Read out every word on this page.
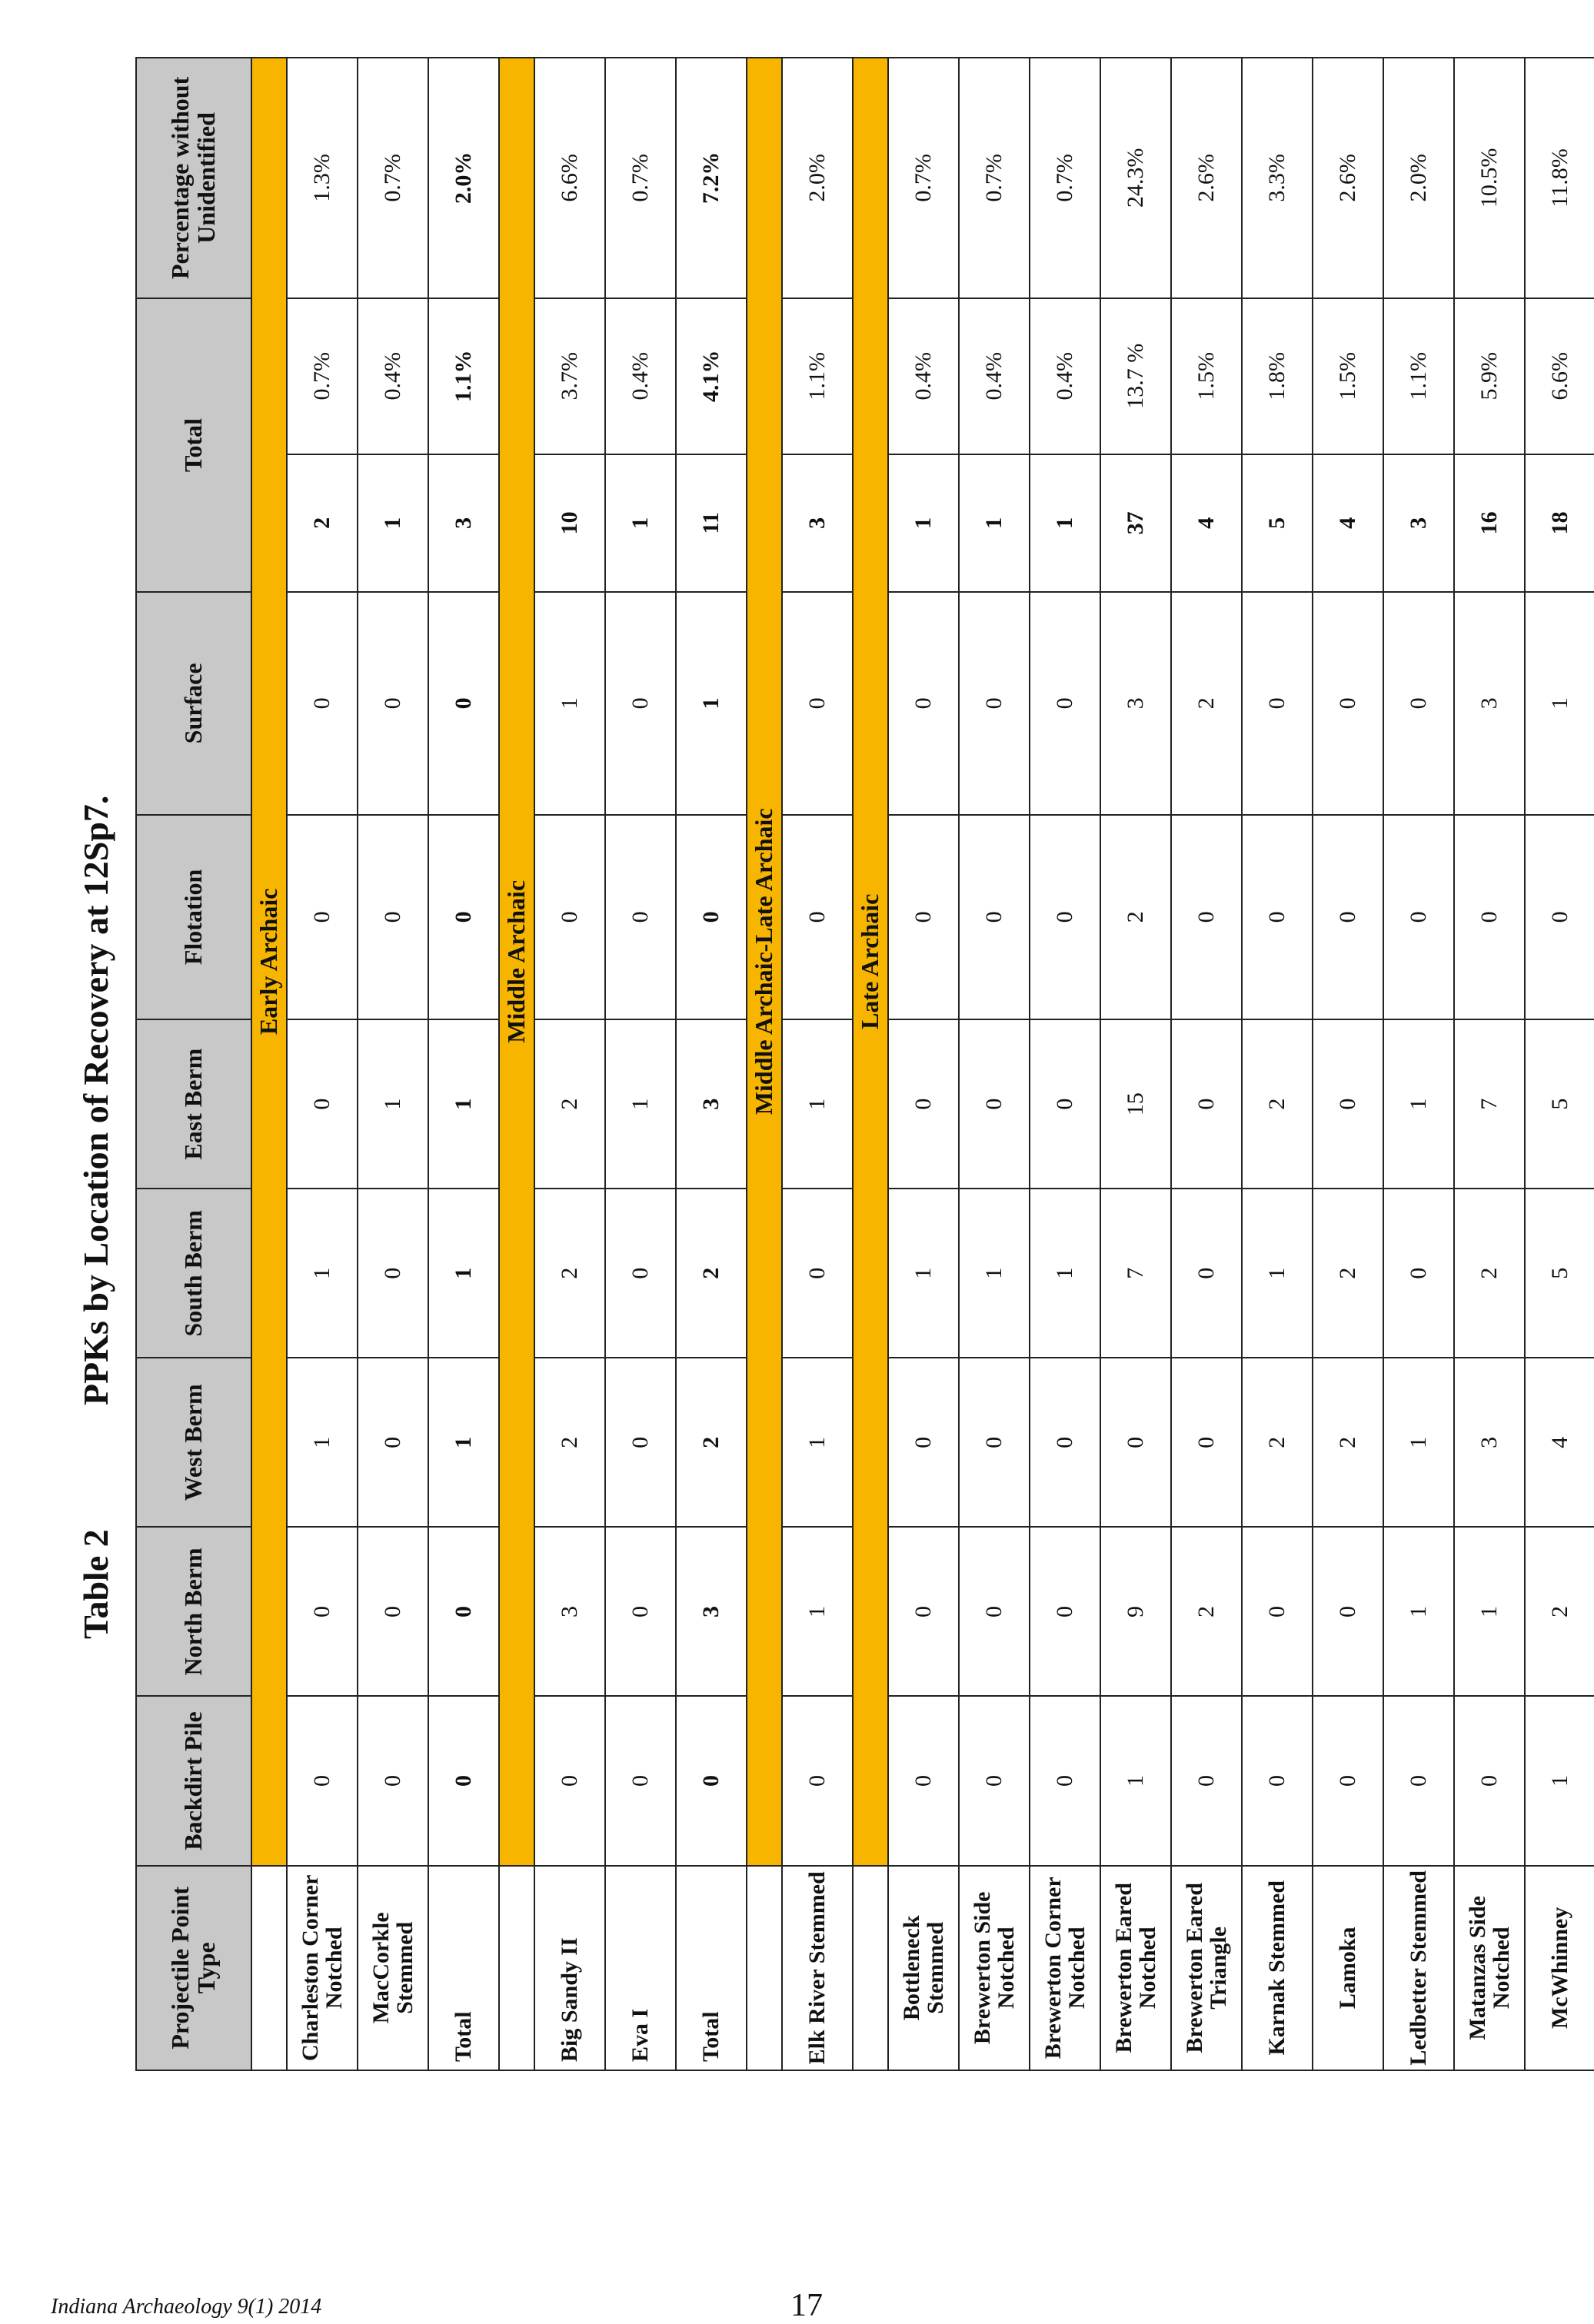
Table 2
PPKs by Location of Recovery at 12Sp7.
Projectile Point Type	Backdirt Pile	North Berm	West Berm	South Berm	East Berm	Flotation	Surface	Total		Percentage without Unidentified
	Early Archaic									
Charleston Corner Notched	0	0	1	1	0	0	0	2	0.7%	1.3%
MacCorkle Stemmed	0	0	0	0	1	0	0	1	0.4%	0.7%
Total	0	0	1	1	1	0	0	3	1.1%	2.0%
	Middle Archaic									
Big Sandy II	0	3	2	2	2	0	1	10	3.7%	6.6%
Eva I	0	0	0	0	1	0	0	1	0.4%	0.7%
Total	0	3	2	2	3	0	1	11	4.1%	7.2%
	Middle Archaic-Late Archaic									
Elk River Stemmed	0	1	1	0	1	0	0	3	1.1%	2.0%
	Late Archaic									
Bottleneck Stemmed	0	0	0	1	0	0	0	1	0.4%	0.7%
Brewerton Side Notched	0	0	0	1	0	0	0	1	0.4%	0.7%
Brewerton Corner Notched	0	0	0	1	0	0	0	1	0.4%	0.7%
Brewerton Eared Notched	1	9	0	7	15	2	3	37	13.7 %	24.3%
Brewerton Eared Triangle	0	2	0	0	0	0	2	4	1.5%	2.6%
Karnak Stemmed	0	0	2	1	2	0	0	5	1.8%	3.3%
Lamoka	0	0	2	2	0	0	0	4	1.5%	2.6%
Ledbetter Stemmed	0	1	1	0	1	0	0	3	1.1%	2.0%
Matanzas Side Notched	0	1	3	2	7	0	3	16	5.9%	10.5%
McWhinney	1	2	4	5	5	0	1	18	6.6%	11.8%
Indiana Archaeology 9(1) 2014	17
